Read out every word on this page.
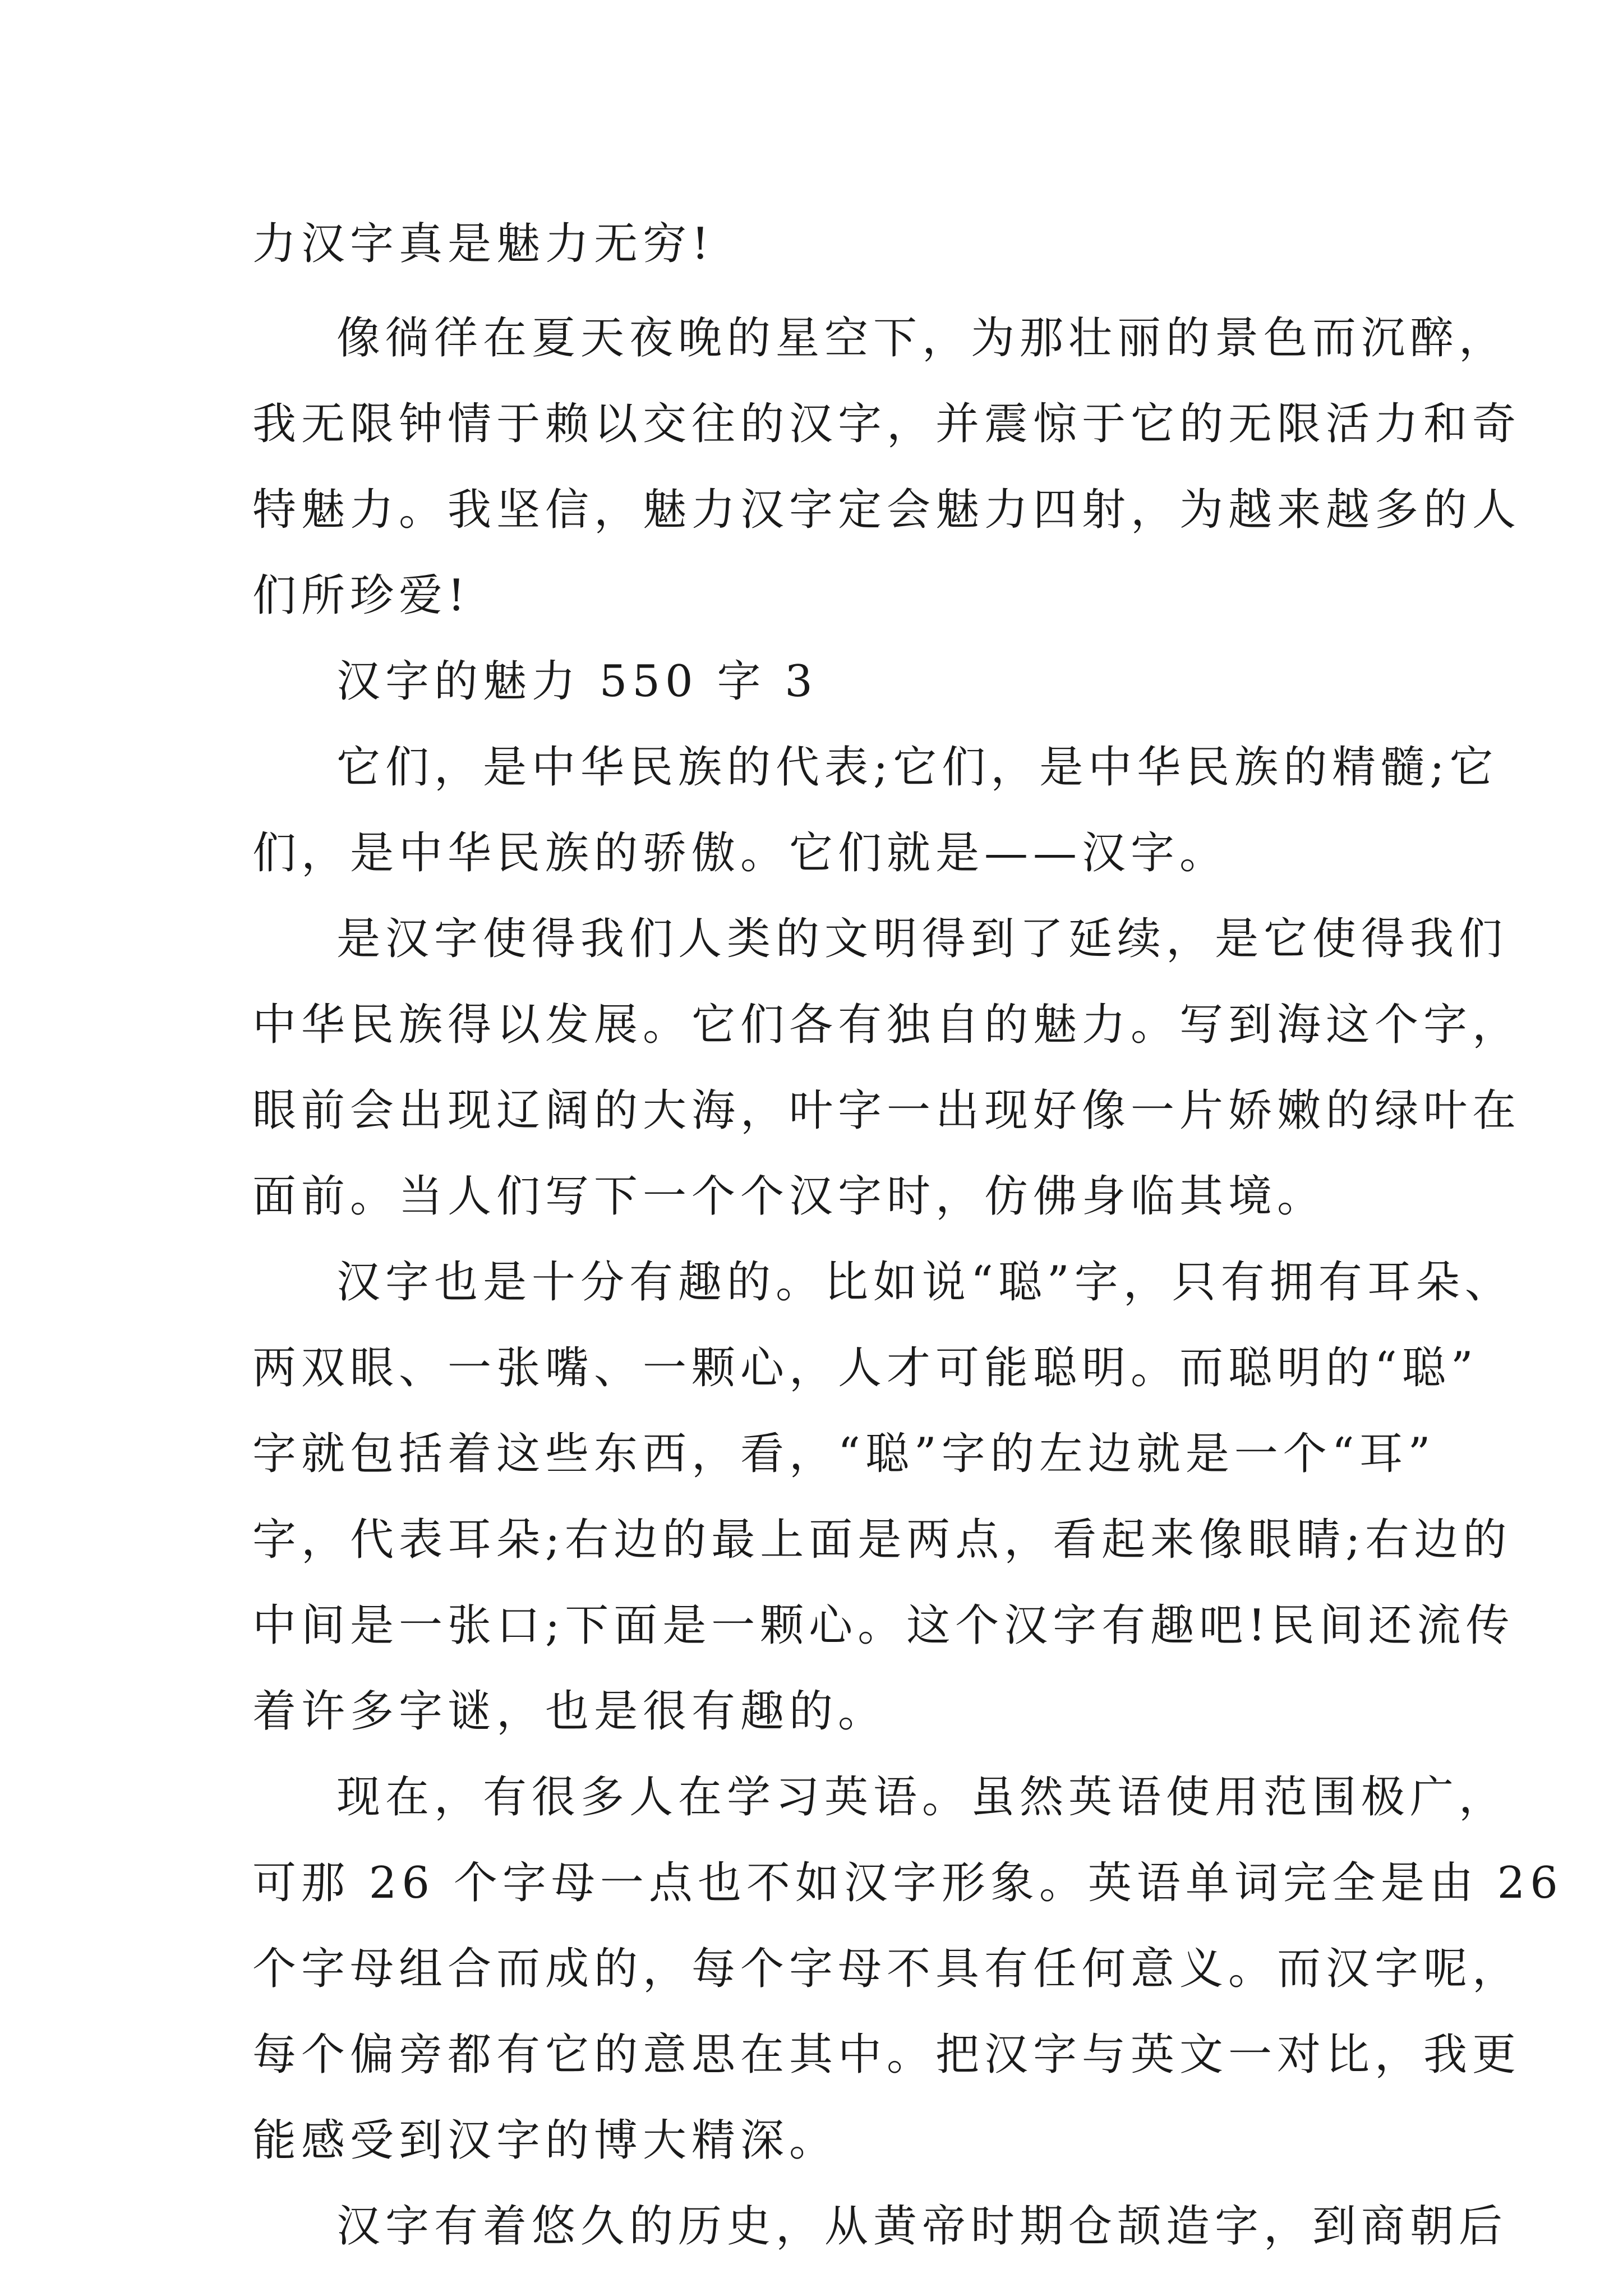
力汉字真是魅力无穷!

像徜徉在夏天夜晚的星空下，为那壮丽的景色而沉醉，

我无限钟情于赖以交往的汉字，并震惊于它的无限活力和奇

特魅力。我坚信，魅力汉字定会魅力四射，为越来越多的人

们所珍爱!

汉字的魅力 550 字 3

它们，是中华民族的代表;它们，是中华民族的精髓;它

们，是中华民族的骄傲。它们就是——汉字。

是汉字使得我们人类的文明得到了延续，是它使得我们

中华民族得以发展。它们各有独自的魅力。写到海这个字，

眼前会出现辽阔的大海，叶字一出现好像一片娇嫩的绿叶在

面前。当人们写下一个个汉字时，仿佛身临其境。

汉字也是十分有趣的。比如说“聪”字，只有拥有耳朵、

两双眼、一张嘴、一颗心，人才可能聪明。而聪明的“聪”

字就包括着这些东西，看，“聪”字的左边就是一个“耳”

字，代表耳朵;右边的最上面是两点，看起来像眼睛;右边的

中间是一张口;下面是一颗心。这个汉字有趣吧!民间还流传

着许多字谜，也是很有趣的。

现在，有很多人在学习英语。虽然英语使用范围极广，

可那 26 个字母一点也不如汉字形象。英语单词完全是由 26

个字母组合而成的，每个字母不具有任何意义。而汉字呢，

每个偏旁都有它的意思在其中。把汉字与英文一对比，我更

能感受到汉字的博大精深。

汉字有着悠久的历史，从黄帝时期仓颉造字，到商朝后
